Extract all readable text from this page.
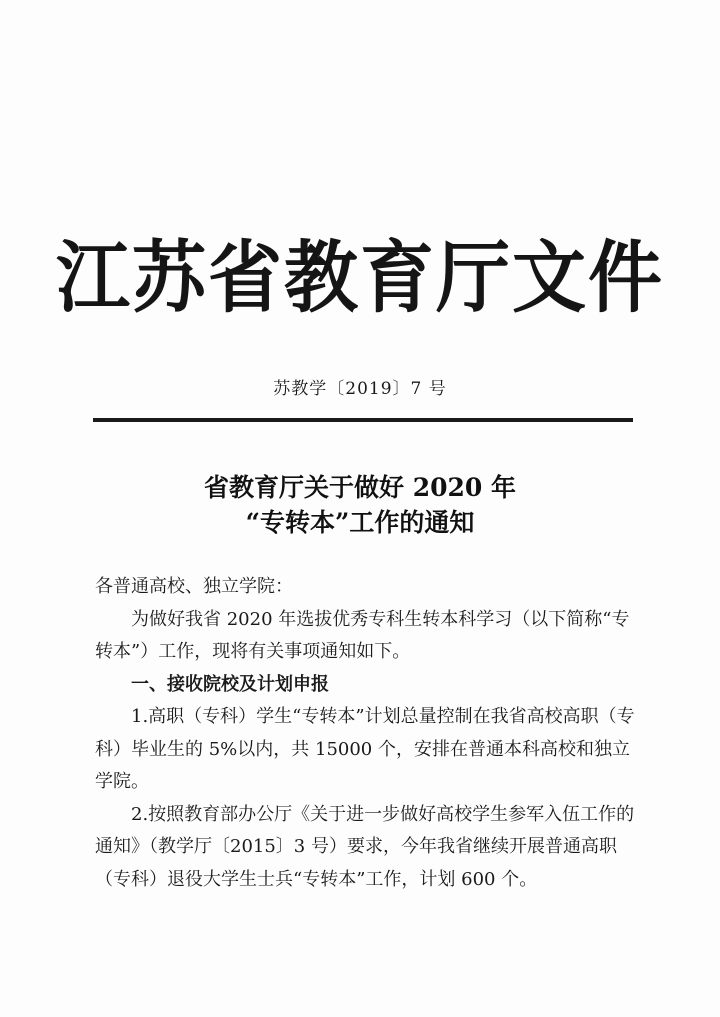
江苏省教育厅文件
苏教学〔2019〕7 号
省教育厅关于做好 2020 年
“专转本”工作的通知

各普通高校、独立学院：

为做好我省 2020 年选拔优秀专科生转本科学习（以下简称“专转本”）工作，现将有关事项通知如下。

一、接收院校及计划申报

1.高职（专科）学生“专转本”计划总量控制在我省高校高职（专科）毕业生的 5%以内，共 15000 个，安排在普通本科高校和独立学院。

2.按照教育部办公厅《关于进一步做好高校学生参军入伍工作的通知》（教学厅〔2015〕3 号）要求，今年我省继续开展普通高职（专科）退役大学生士兵“专转本”工作，计划 600 个。
